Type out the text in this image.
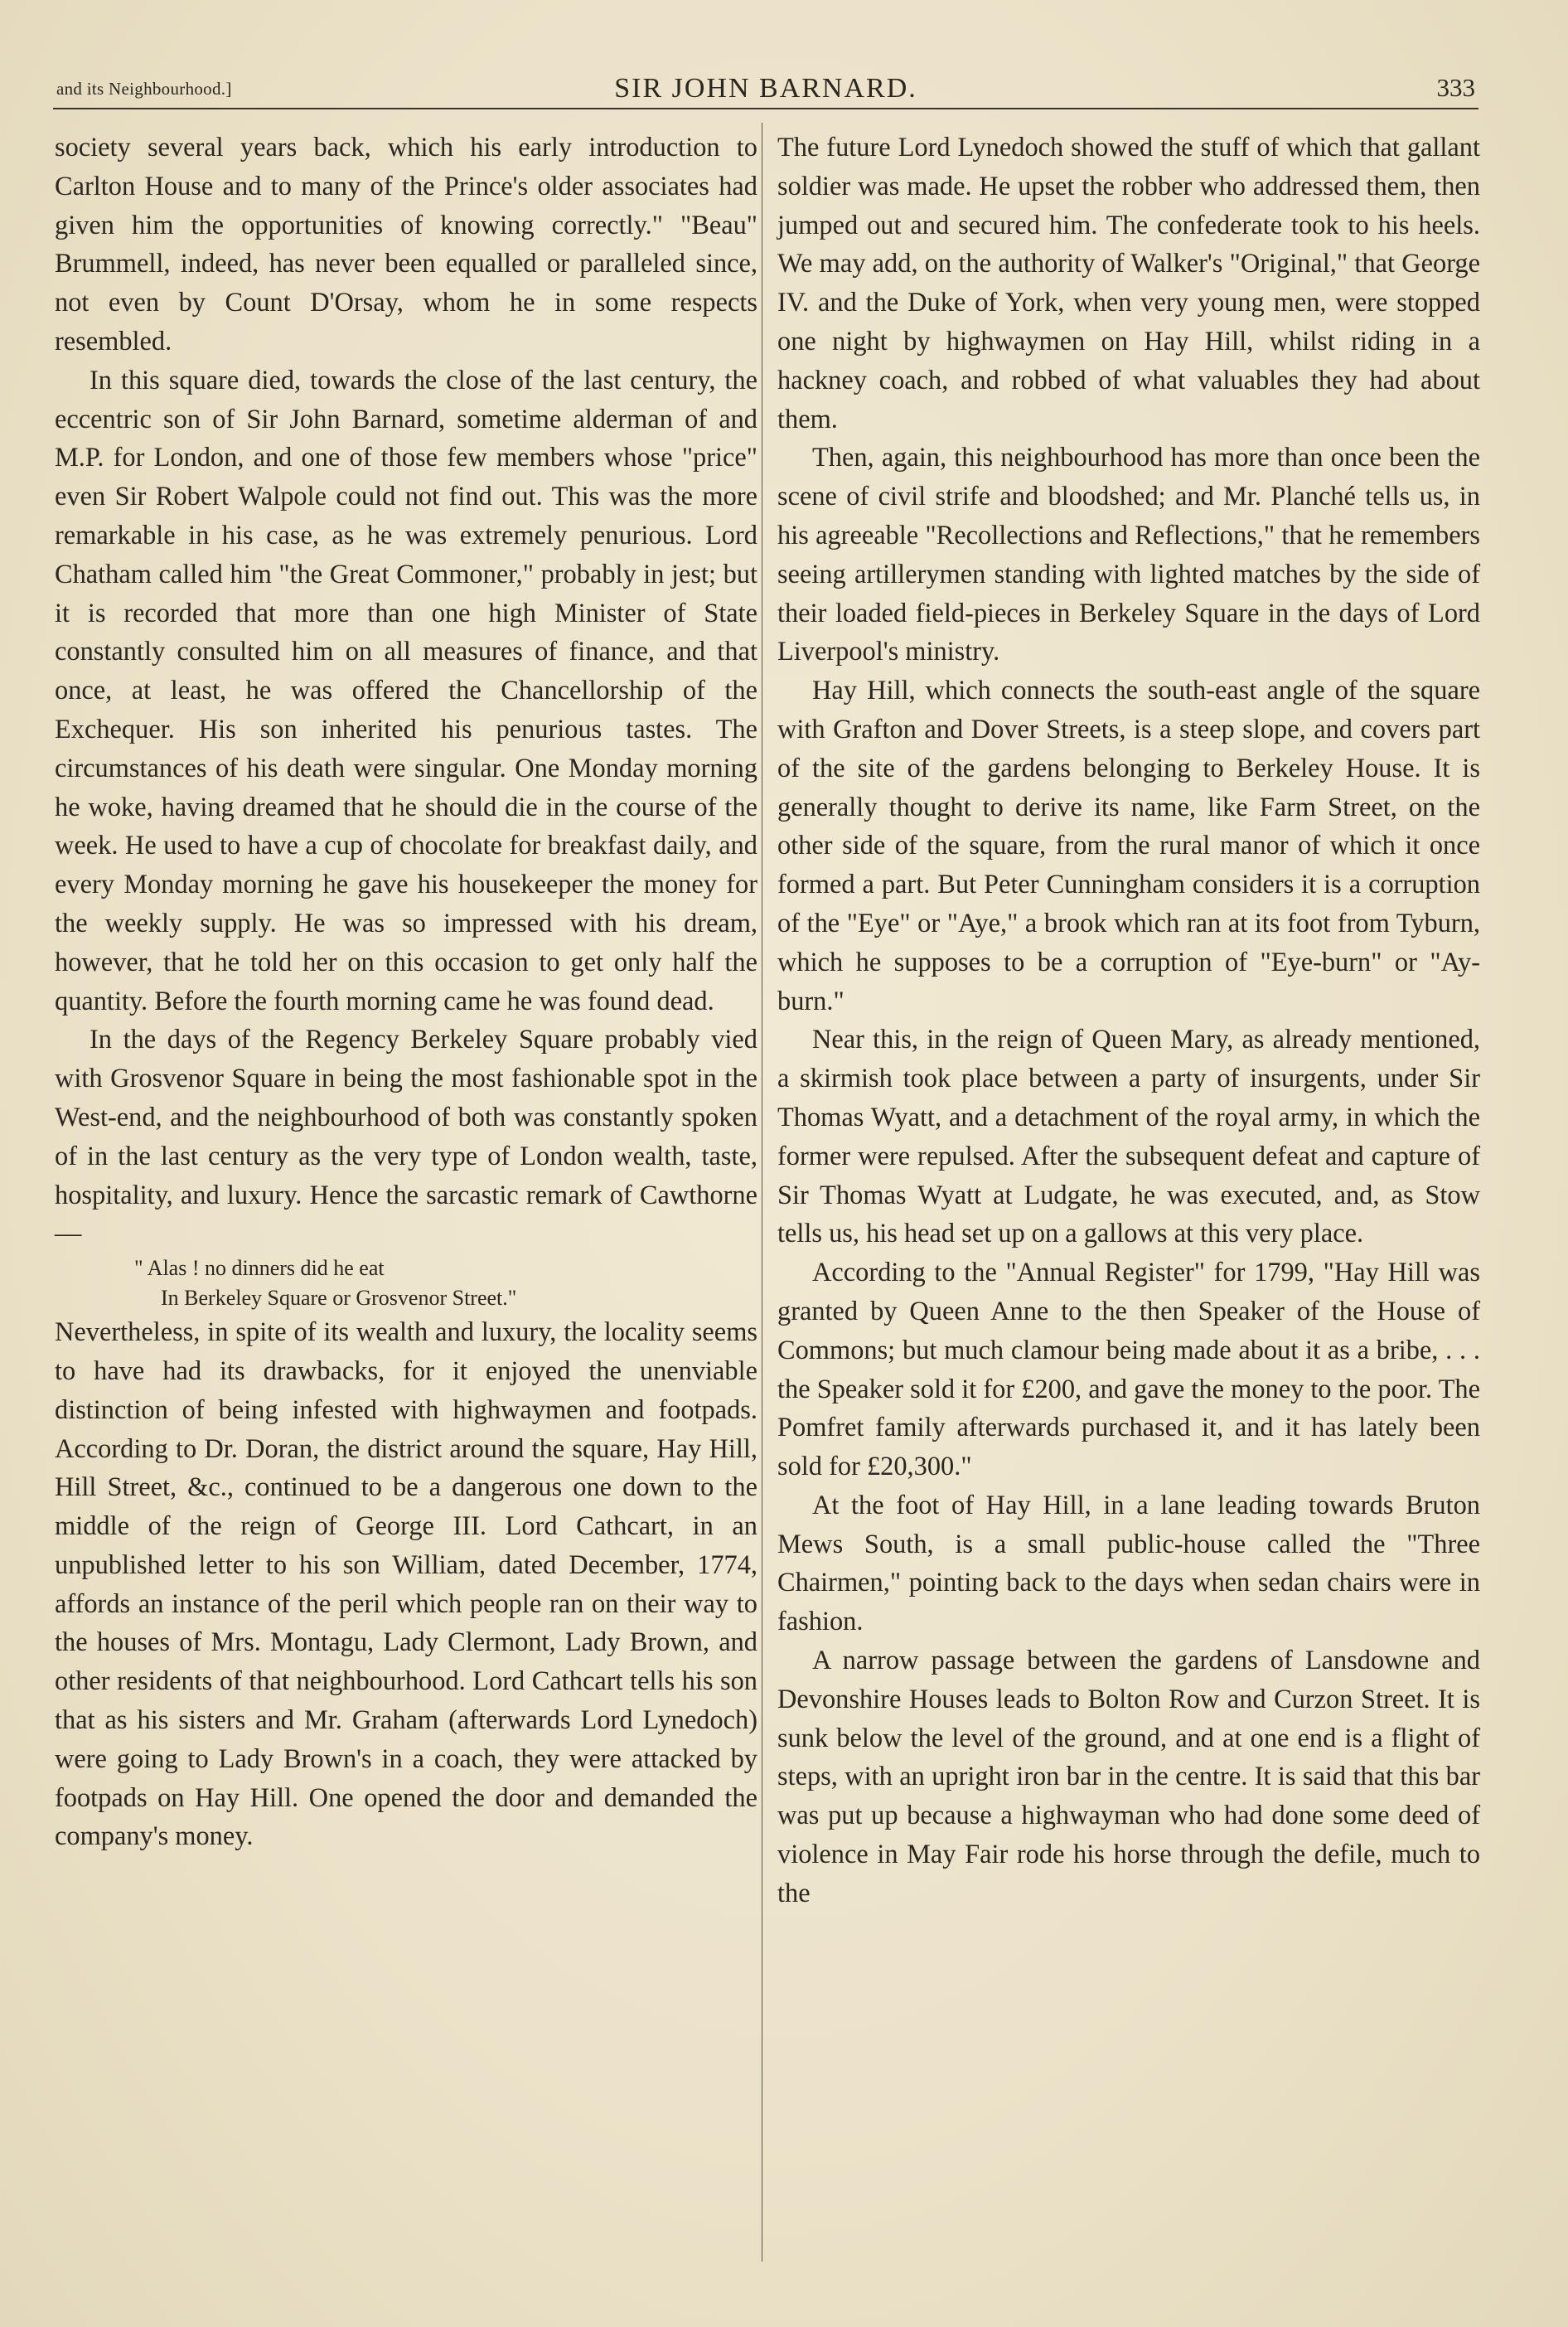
and its Neighbourhood.]	SIR JOHN BARNARD.	333

society several years back, which his early introduction to Carlton House and to many of the Prince's older associates had given him the opportunities of knowing correctly." "Beau" Brummell, indeed, has never been equalled or paralleled since, not even by Count D'Orsay, whom he in some respects resembled.

In this square died, towards the close of the last century, the eccentric son of Sir John Barnard, sometime alderman of and M.P. for London, and one of those few members whose "price" even Sir Robert Walpole could not find out. This was the more remarkable in his case, as he was extremely penurious. Lord Chatham called him "the Great Commoner," probably in jest; but it is recorded that more than one high Minister of State constantly consulted him on all measures of finance, and that once, at least, he was offered the Chancellorship of the Exchequer. His son inherited his penurious tastes. The circumstances of his death were singular. One Monday morning he woke, having dreamed that he should die in the course of the week. He used to have a cup of chocolate for breakfast daily, and every Monday morning he gave his housekeeper the money for the weekly supply. He was so impressed with his dream, however, that he told her on this occasion to get only half the quantity. Before the fourth morning came he was found dead.

In the days of the Regency Berkeley Square probably vied with Grosvenor Square in being the most fashionable spot in the West-end, and the neighbourhood of both was constantly spoken of in the last century as the very type of London wealth, taste, hospitality, and luxury. Hence the sarcastic remark of Cawthorne—

" Alas ! no dinners did he eat
In Berkeley Square or Grosvenor Street."

Nevertheless, in spite of its wealth and luxury, the locality seems to have had its drawbacks, for it enjoyed the unenviable distinction of being infested with highwaymen and footpads. According to Dr. Doran, the district around the square, Hay Hill, Hill Street, &c., continued to be a dangerous one down to the middle of the reign of George III. Lord Cathcart, in an unpublished letter to his son William, dated December, 1774, affords an instance of the peril which people ran on their way to the houses of Mrs. Montagu, Lady Clermont, Lady Brown, and other residents of that neighbourhood. Lord Cathcart tells his son that as his sisters and Mr. Graham (afterwards Lord Lynedoch) were going to Lady Brown's in a coach, they were attacked by footpads on Hay Hill. One opened the door and demanded the company's money.

The future Lord Lynedoch showed the stuff of which that gallant soldier was made. He upset the robber who addressed them, then jumped out and secured him. The confederate took to his heels. We may add, on the authority of Walker's "Original," that George IV. and the Duke of York, when very young men, were stopped one night by highwaymen on Hay Hill, whilst riding in a hackney coach, and robbed of what valuables they had about them.

Then, again, this neighbourhood has more than once been the scene of civil strife and bloodshed; and Mr. Planché tells us, in his agreeable "Recollections and Reflections," that he remembers seeing artillerymen standing with lighted matches by the side of their loaded field-pieces in Berkeley Square in the days of Lord Liverpool's ministry.

Hay Hill, which connects the south-east angle of the square with Grafton and Dover Streets, is a steep slope, and covers part of the site of the gardens belonging to Berkeley House. It is generally thought to derive its name, like Farm Street, on the other side of the square, from the rural manor of which it once formed a part. But Peter Cunningham considers it is a corruption of the "Eye" or "Aye," a brook which ran at its foot from Tyburn, which he supposes to be a corruption of "Eye-burn" or "Ay-burn."

Near this, in the reign of Queen Mary, as already mentioned, a skirmish took place between a party of insurgents, under Sir Thomas Wyatt, and a detachment of the royal army, in which the former were repulsed. After the subsequent defeat and capture of Sir Thomas Wyatt at Ludgate, he was executed, and, as Stow tells us, his head set up on a gallows at this very place.

According to the "Annual Register" for 1799, "Hay Hill was granted by Queen Anne to the then Speaker of the House of Commons; but much clamour being made about it as a bribe, . . . the Speaker sold it for £200, and gave the money to the poor. The Pomfret family afterwards purchased it, and it has lately been sold for £20,300."

At the foot of Hay Hill, in a lane leading towards Bruton Mews South, is a small public-house called the "Three Chairmen," pointing back to the days when sedan chairs were in fashion.

A narrow passage between the gardens of Lansdowne and Devonshire Houses leads to Bolton Row and Curzon Street. It is sunk below the level of the ground, and at one end is a flight of steps, with an upright iron bar in the centre. It is said that this bar was put up because a highwayman who had done some deed of violence in May Fair rode his horse through the defile, much to the
